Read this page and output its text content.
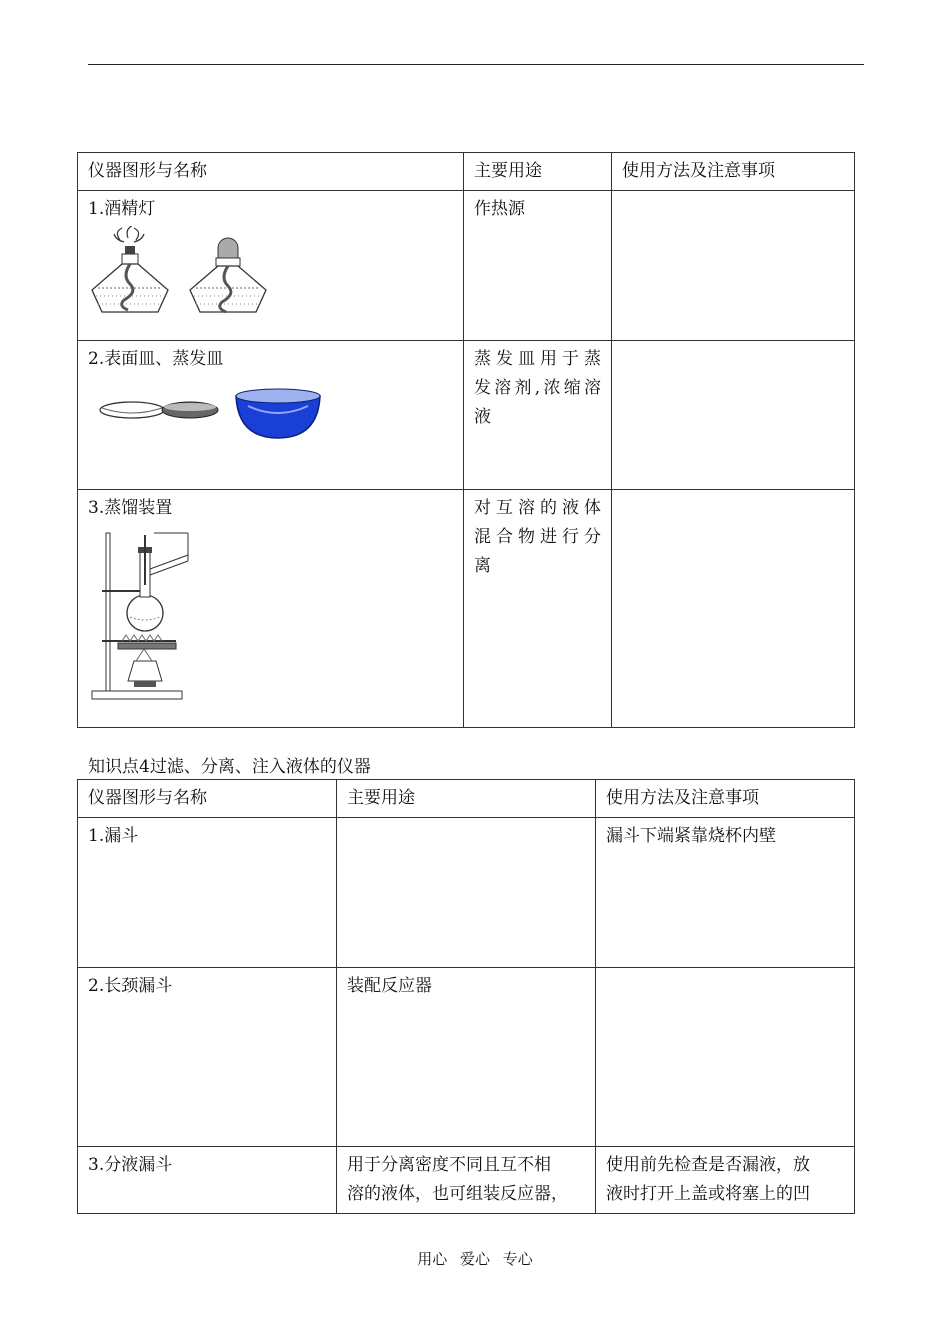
仪器图形与名称	主要用途	使用方法及注意事项
1.酒精灯	作热源	
2.表面皿、蒸发皿	蒸发皿用于蒸
发溶剂,浓缩溶
液	
3.蒸馏装置	对互溶的液体
混合物进行分
离	
知识点4过滤、分离、注入液体的仪器
仪器图形与名称	主要用途	使用方法及注意事项
1.漏斗		漏斗下端紧靠烧杯内壁
2.长颈漏斗	装配反应器	
3.分液漏斗	用于分离密度不同且互不相
溶的液体，也可组装反应器，	使用前先检查是否漏液，放
液时打开上盖或将塞上的凹
用心 爱心 专心
